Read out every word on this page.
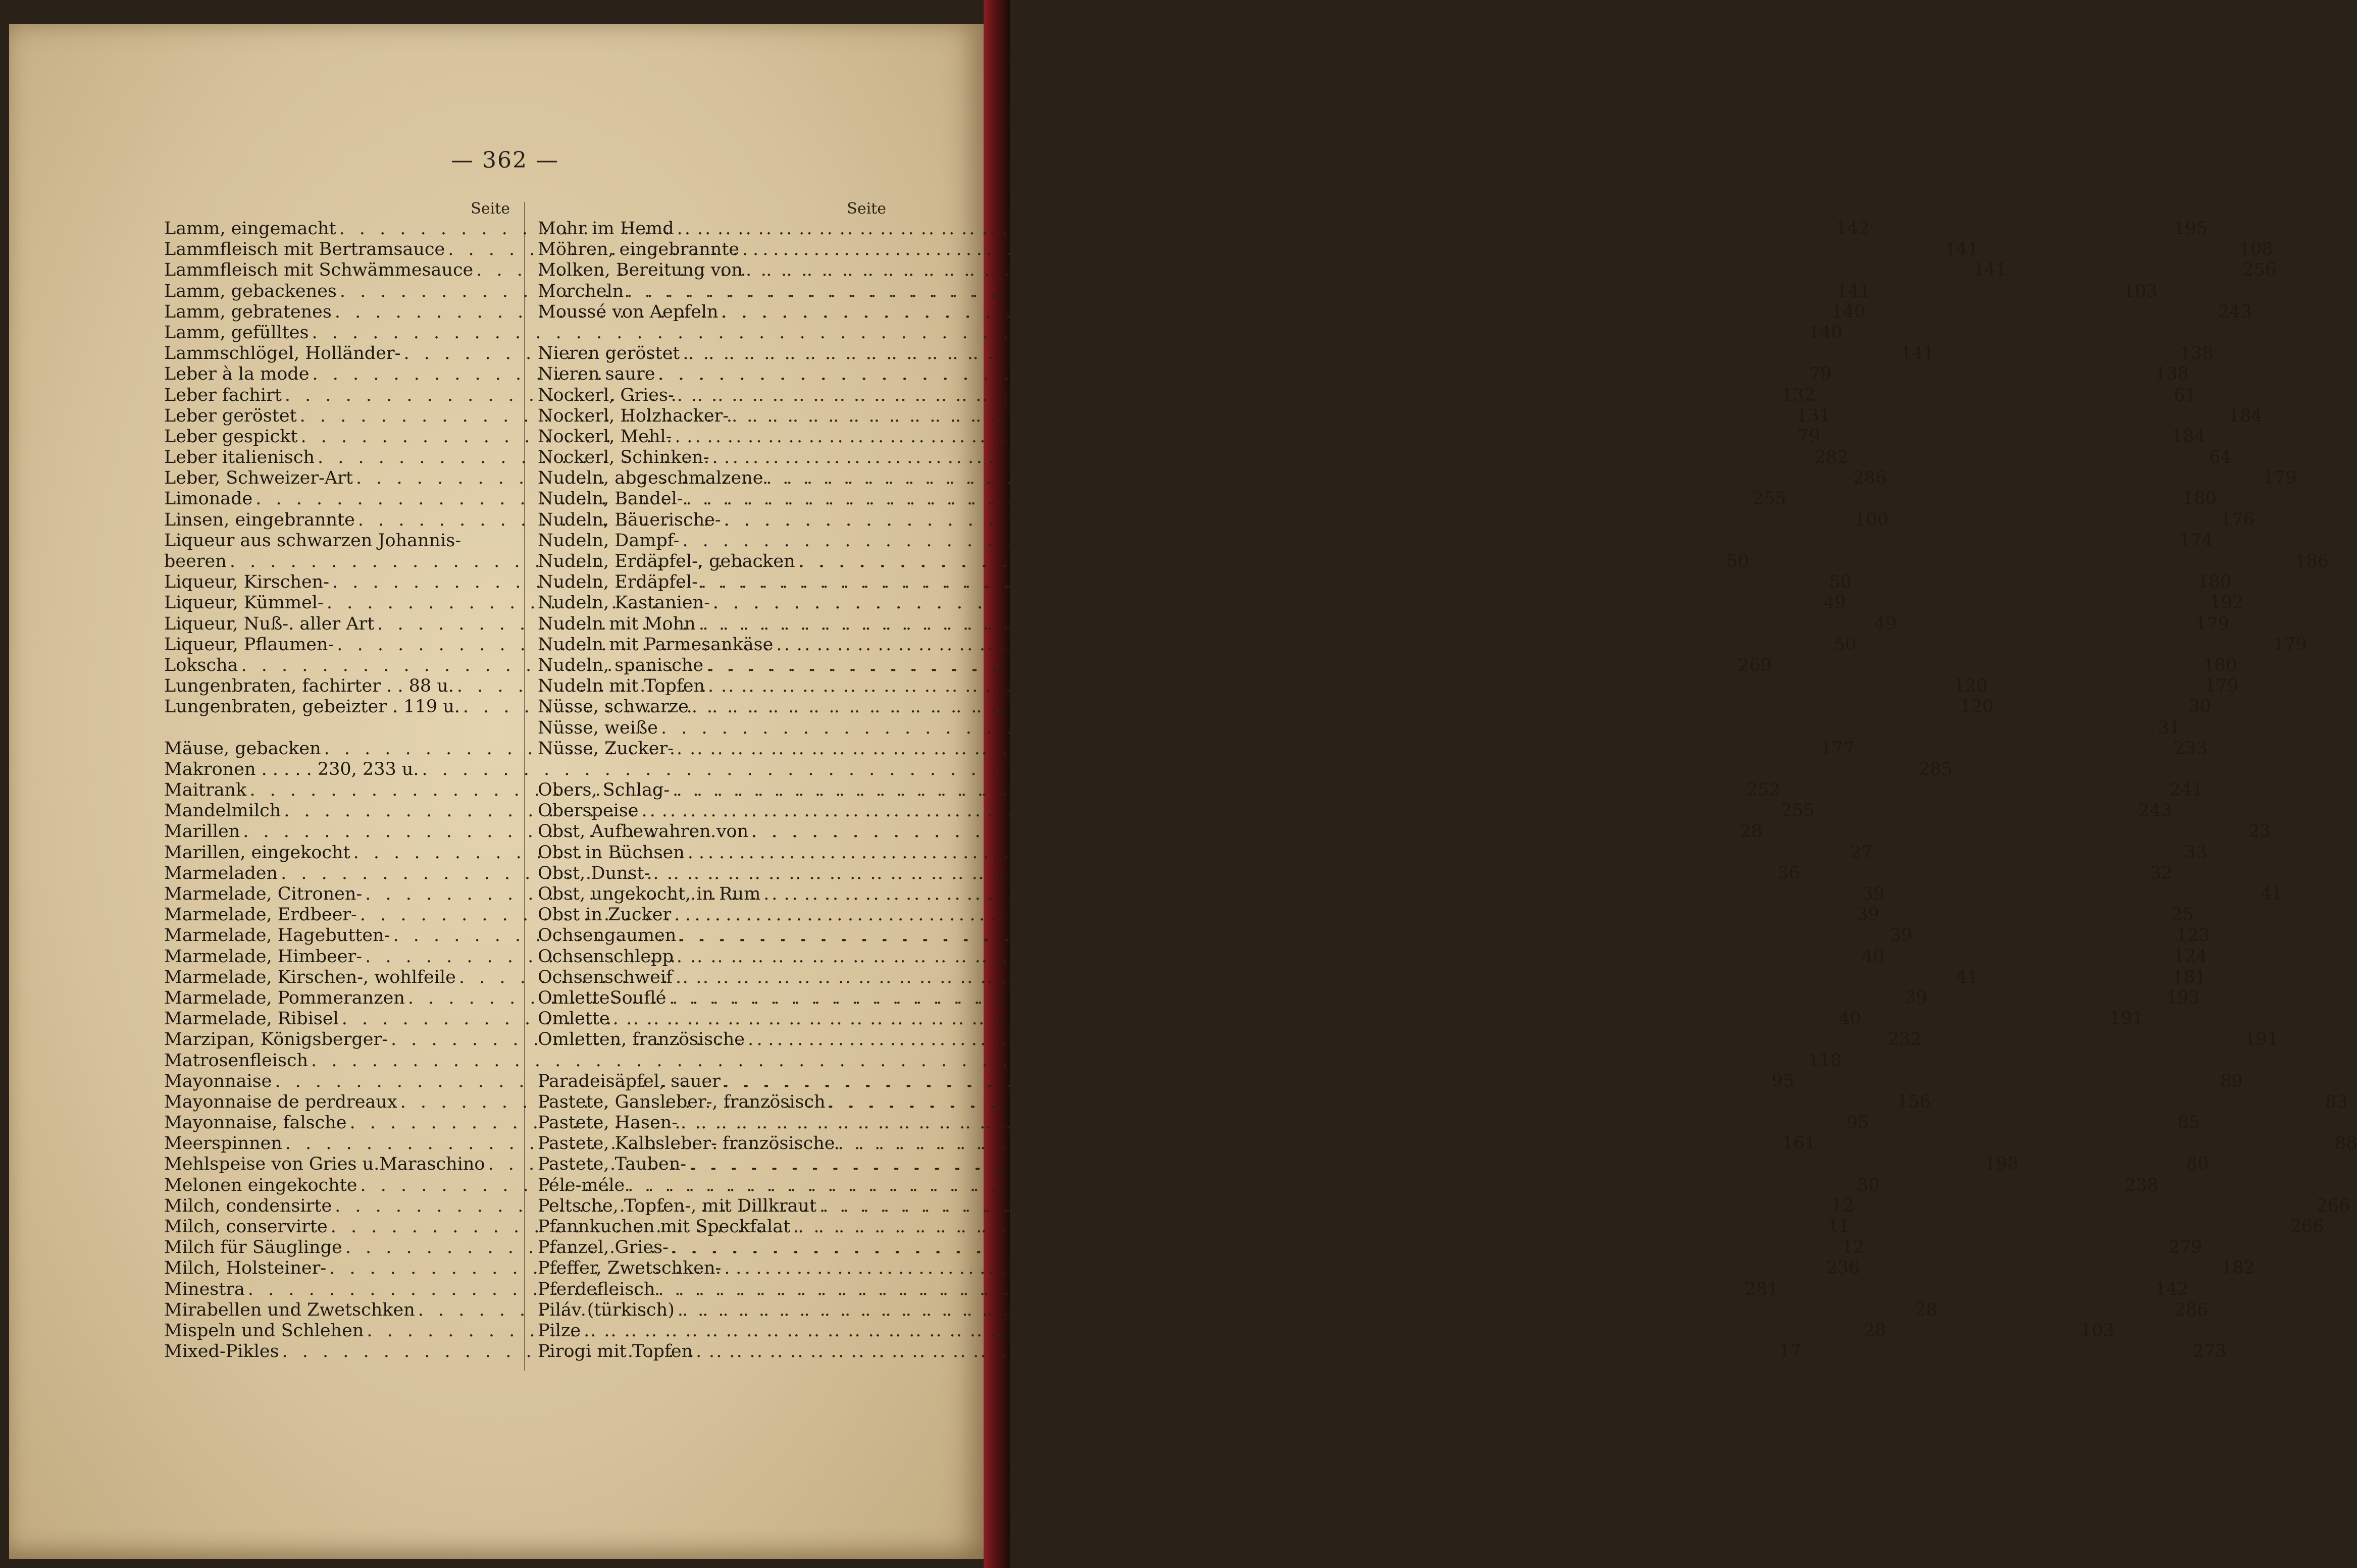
— 362 —
Seite
Lamm, eingemacht . . .	142
Lammfleisch mit Bertramsauce . . .	141
Lammfleisch mit Schwämmesauce . . .	141
Lamm, gebackenes . . .	141
Lamm, gebratenes . . .	140
Lamm, gefülltes . . .	140
Lammschlögel, Holländer- . . .	141
Leber à la mode . . .	79
Leber fachirt . . .	132
Leber geröstet . . .	131
Leber gespickt . . .	79
Leber italienisch . . .	282
Leber, Schweizer-Art . . .	286
Limonade . . .	255
Linsen, eingebrannte . . .	100
Liqueur aus schwarzen Johannis-
beeren . . .	50
Liqueur, Kirschen- . . .	50
Liqueur, Kümmel- . . .	49
Liqueur, Nuß-. aller Art . . .	49
Liqueur, Pflaumen- . . .	50
Lokscha . . .	269
Lungenbraten, fachirter . . 88 u. . . .	120
Lungenbraten, gebeizter . 119 u. . . .	120
Mäuse, gebacken . . .	177
Makronen . . . . . 230, 233 u. . . .	285
Maitrank . . .	252
Mandelmilch . . .	255
Marillen . . .	28
Marillen, eingekocht . . .	27
Marmeladen . . .	36
Marmelade, Citronen- . . .	39
Marmelade, Erdbeer- . . .	39
Marmelade, Hagebutten- . . .	39
Marmelade, Himbeer- . . .	40
Marmelade, Kirschen-, wohlfeile . . .	41
Marmelade, Pommeranzen . . .	39
Marmelade, Ribisel . . .	40
Marzipan, Königsberger- . . .	232
Matrosenfleisch . . .	118
Mayonnaise . . .	95
Mayonnaise de perdreaux . . .	156
Mayonnaise, falsche . . .	95
Meerspinnen . . .	161
Mehlspeise von Gries u.Maraschino . . .	198
Melonen eingekochte . . .	30
Milch, condensirte . . .	12
Milch, conservirte . . .	11
Milch für Säuglinge . . .	12
Milch, Holsteiner- . . .	236
Minestra . . .	281
Mirabellen und Zwetschken . . .	28
Mispeln und Schlehen . . .	28
Mixed-Pikles . . .	17
Seite
Mohr im Hemd . . .	195
Möhren, eingebrannte . . .	108
Molken, Bereitung von . . .	256
Morcheln . . .	103
Moussé von Aepfeln . . .	243
Nieren geröstet . . .	138
Nieren saure . . .	138
Nockerl, Gries- . . .	61
Nockerl, Holzhacker- . . .	184
Nockerl, Mehl- . . .	184
Nockerl, Schinken- . . .	64
Nudeln, abgeschmalzene . . .	179
Nudeln, Bandel- . . .	180
Nudeln, Bäuerische- . . .	176
Nudeln, Dampf- . . .	174
Nudeln, Erdäpfel-, gebacken . . .	186
Nudeln, Erdäpfel- . . .	180
Nudeln, Kastanien- . . .	192
Nudeln mit Mohn . . .	179
Nudeln mit Parmesankäse . . .	179
Nudeln, spanische . . .	180
Nudeln mit Topfen . . .	179
Nüsse, schwarze . . .	30
Nüsse, weiße . . .	31
Nüsse, Zucker- . . .	233
Obers, Schlag- . . .	241
Oberspeise . . .	243
Obst, Aufbewahren von . . .	23
Obst in Büchsen . . .	33
Obst, Dunst- . . .	32
Obst, ungekocht, in Rum . . .	41
Obst in Zucker . . .	25
Ochsengaumen . . .	123
Ochsenschlepp . . .	124
Ochsenschweif . . .	181
OmletteSouflé . . .	193
Omlette . . .	191
Omletten, französische . . .	191
Paradeisäpfel, sauer . . .	89
Pastete, Gansleber-, französisch . . .	83
Pastete, Hasen- . . .	85
Pastete, Kalbsleber- französische . . .	88
Pastete, Tauben- . . .	80
Péle-méle . . .	238
Peltsche, Topfen-, mit Dillkraut . . .	266
Pfannkuchen mit Speckfalat . . .	266
Pfanzel, Gries- . . .	279
Pfeffer, Zwetschken- . . .	182
Pferdefleisch . . .	142
Piláv (türkisch) . . .	286
Pilze . . .	103
Pirogi mit Topfen . . .	273
